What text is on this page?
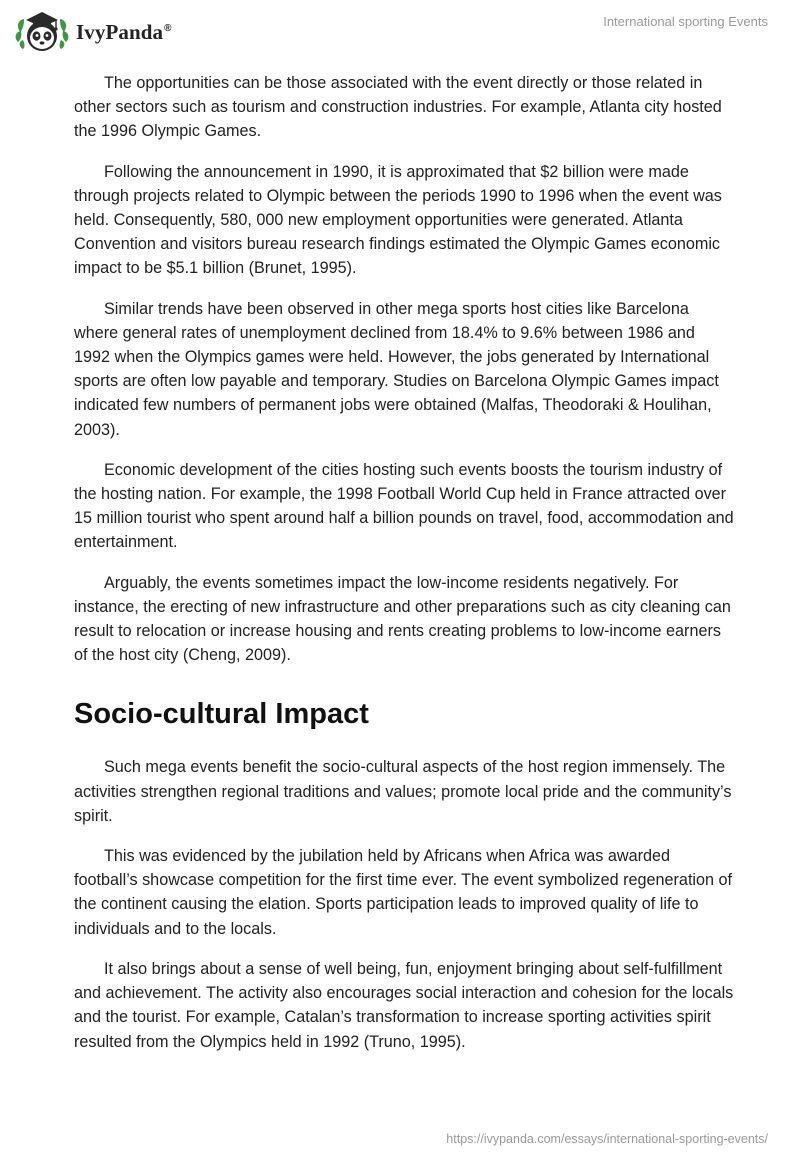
IvyPanda®	International sporting Events

The opportunities can be those associated with the event directly or those related in other sectors such as tourism and construction industries. For example, Atlanta city hosted the 1996 Olympic Games.

Following the announcement in 1990, it is approximated that $2 billion were made through projects related to Olympic between the periods 1990 to 1996 when the event was held. Consequently, 580, 000 new employment opportunities were generated. Atlanta Convention and visitors bureau research findings estimated the Olympic Games economic impact to be $5.1 billion (Brunet, 1995).

Similar trends have been observed in other mega sports host cities like Barcelona where general rates of unemployment declined from 18.4% to 9.6% between 1986 and 1992 when the Olympics games were held. However, the jobs generated by International sports are often low payable and temporary. Studies on Barcelona Olympic Games impact indicated few numbers of permanent jobs were obtained (Malfas, Theodoraki & Houlihan, 2003).

Economic development of the cities hosting such events boosts the tourism industry of the hosting nation. For example, the 1998 Football World Cup held in France attracted over 15 million tourist who spent around half a billion pounds on travel, food, accommodation and entertainment.

Arguably, the events sometimes impact the low-income residents negatively. For instance, the erecting of new infrastructure and other preparations such as city cleaning can result to relocation or increase housing and rents creating problems to low-income earners of the host city (Cheng, 2009).

Socio-cultural Impact

Such mega events benefit the socio-cultural aspects of the host region immensely. The activities strengthen regional traditions and values; promote local pride and the community’s spirit.

This was evidenced by the jubilation held by Africans when Africa was awarded football’s showcase competition for the first time ever. The event symbolized regeneration of the continent causing the elation. Sports participation leads to improved quality of life to individuals and to the locals.

It also brings about a sense of well being, fun, enjoyment bringing about self-fulfillment and achievement. The activity also encourages social interaction and cohesion for the locals and the tourist. For example, Catalan’s transformation to increase sporting activities spirit resulted from the Olympics held in 1992 (Truno, 1995).

https://ivypanda.com/essays/international-sporting-events/
